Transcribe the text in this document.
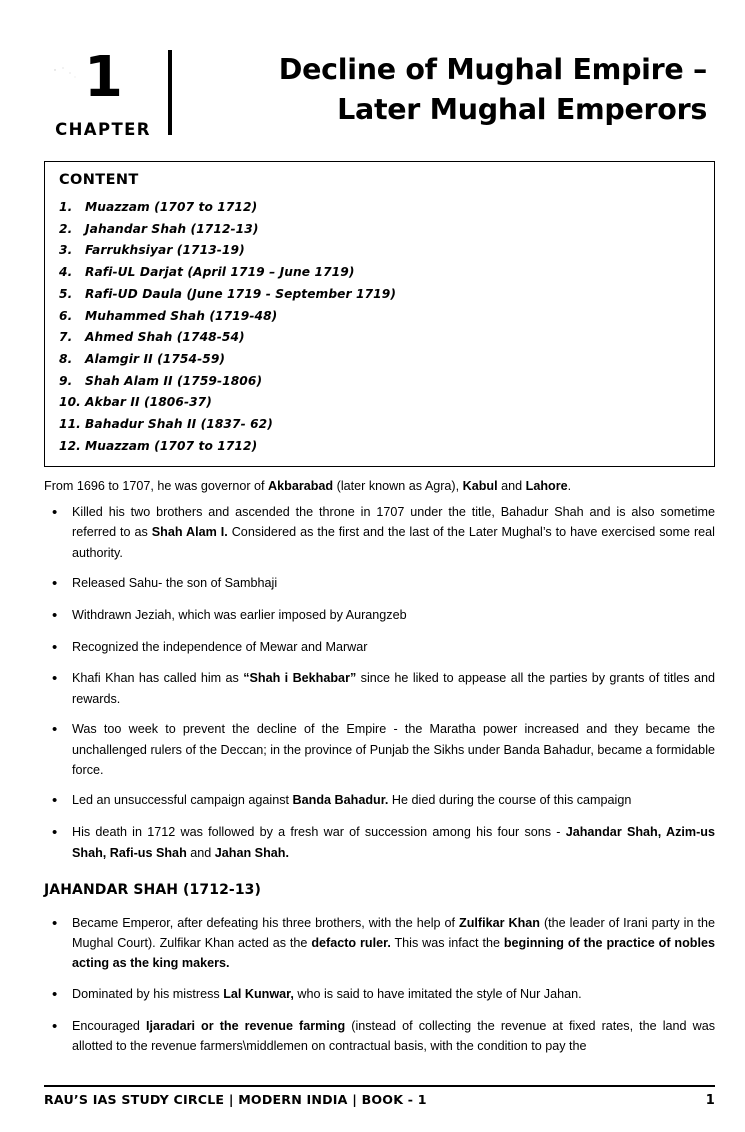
1
CHAPTER
Decline of Mughal Empire –
Later Mughal Emperors
CONTENT
1.	Muazzam (1707 to 1712)
2.	Jahandar Shah (1712-13)
3.	Farrukhsiyar (1713-19)
4.	Rafi-UL Darjat (April 1719 – June 1719)
5.	Rafi-UD Daula (June 1719 - September 1719)
6.	Muhammed Shah (1719-48)
7.	Ahmed Shah (1748-54)
8.	Alamgir II (1754-59)
9.	Shah Alam II (1759-1806)
10. Akbar II (1806-37)
11. Bahadur Shah II (1837- 62)
12. Muazzam (1707 to 1712)

From 1696 to 1707, he was governor of Akbarabad (later known as Agra), Kabul and Lahore.

•
Killed his two brothers and ascended the throne in 1707 under the title, Bahadur Shah and is also sometime referred to as Shah Alam I. Considered as the first and the last of the Later Mughal’s to have exercised some real authority.
•
Released Sahu- the son of Sambhaji
•
Withdrawn Jeziah, which was earlier imposed by Aurangzeb
•
Recognized the independence of Mewar and Marwar
•
Khafi Khan has called him as “Shah i Bekhabar” since he liked to appease all the parties by grants of titles and rewards.
•
Was too week to prevent the decline of the Empire - the Maratha power increased and they became the unchallenged rulers of the Deccan; in the province of Punjab the Sikhs under Banda Bahadur, became a formidable force.
•
Led an unsuccessful campaign against Banda Bahadur. He died during the course of this campaign
•
His death in 1712 was followed by a fresh war of succession among his four sons - Jahandar Shah, Azim-us Shah, Rafi-us Shah and Jahan Shah.
JAHANDAR SHAH (1712-13)
•
Became Emperor, after defeating his three brothers, with the help of Zulfikar Khan (the leader of Irani party in the Mughal Court). Zulfikar Khan acted as the defacto ruler. This was infact the beginning of the practice of nobles acting as the king makers.
•
Dominated by his mistress Lal Kunwar, who is said to have imitated the style of Nur Jahan.
•
Encouraged Ijaradari or the revenue farming (instead of collecting the revenue at fixed rates, the land was allotted to the revenue farmers\middlemen on contractual basis, with the condition to pay the
RAU’S IAS STUDY CIRCLE | MODERN INDIA | BOOK - 1	1
